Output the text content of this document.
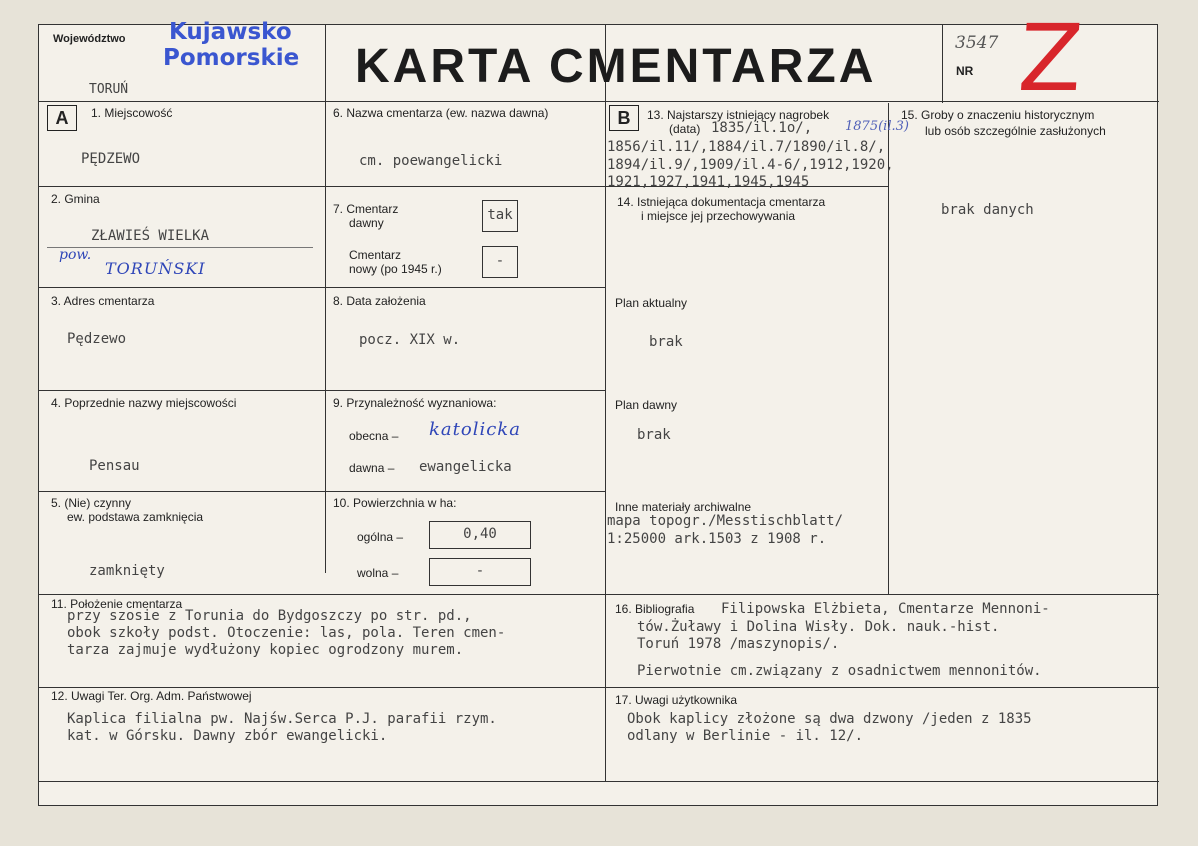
Województwo Kujawsko
Pomorskie
TORUŃ	KARTA CMENTARZA	3547
NR Z
A	1. Miejscowość
PĘDZEWO
2. Gmina
ZŁAWIEŚ WIELKA
pow.
TORUŃSKI
3. Adres cmentarza
Pędzewo
4. Poprzednie nazwy miejscowości
Pensau
5. (Nie) czynny
ew. podstawa zamknięcia
zamknięty
6. Nazwa cmentarza (ew. nazwa dawna)
cm. poewangelicki
7. Cmentarz
dawny	tak
Cmentarz
nowy (po 1945 r.)	-
8. Data założenia
pocz. XIX w.
9. Przynależność wyznaniowa:
obecna – katolicka
dawna – ewangelicka
10. Powierzchnia w ha:
ogólna –	0,40
wolna –	-
B	13. Najstarszy istniejący nagrobek
(data) 1835/il.1o/,	1875(il.3)
1856/il.11/,1884/il.7/1890/il.8/,
1894/il.9/,1909/il.4-6/,1912,1920,
1921,1927,1941,1945,1945
14. Istniejąca dokumentacja cmentarza
i miejsce jej przechowywania
Plan aktualny
brak
Plan dawny
brak
Inne materiały archiwalne
mapa topogr./Messtischblatt/
1:25000 ark.1503 z 1908 r.
15. Groby o znaczeniu historycznym
lub osób szczególnie zasłużonych
brak danych
11. Położenie cmentarza
przy szosie z Torunia do Bydgoszczy po str. pd.,
obok szkoły podst. Otoczenie: las, pola. Teren cmen-
tarza zajmuje wydłużony kopiec ogrodzony murem.
12. Uwagi Ter. Org. Adm. Państwowej
Kaplica filialna pw. Najśw.Serca P.J. parafii rzym.
kat. w Górsku. Dawny zbór ewangelicki.
16. Bibliografia Filipowska Elżbieta, Cmentarze Mennoni-
tów.Żuławy i Dolina Wisły. Dok. nauk.-hist.
Toruń 1978 /maszynopis/.
Pierwotnie cm.związany z osadnictwem mennonitów.
17. Uwagi użytkownika
Obok kaplicy złożone są dwa dzwony /jeden z 1835
odlany w Berlinie - il. 12/.
